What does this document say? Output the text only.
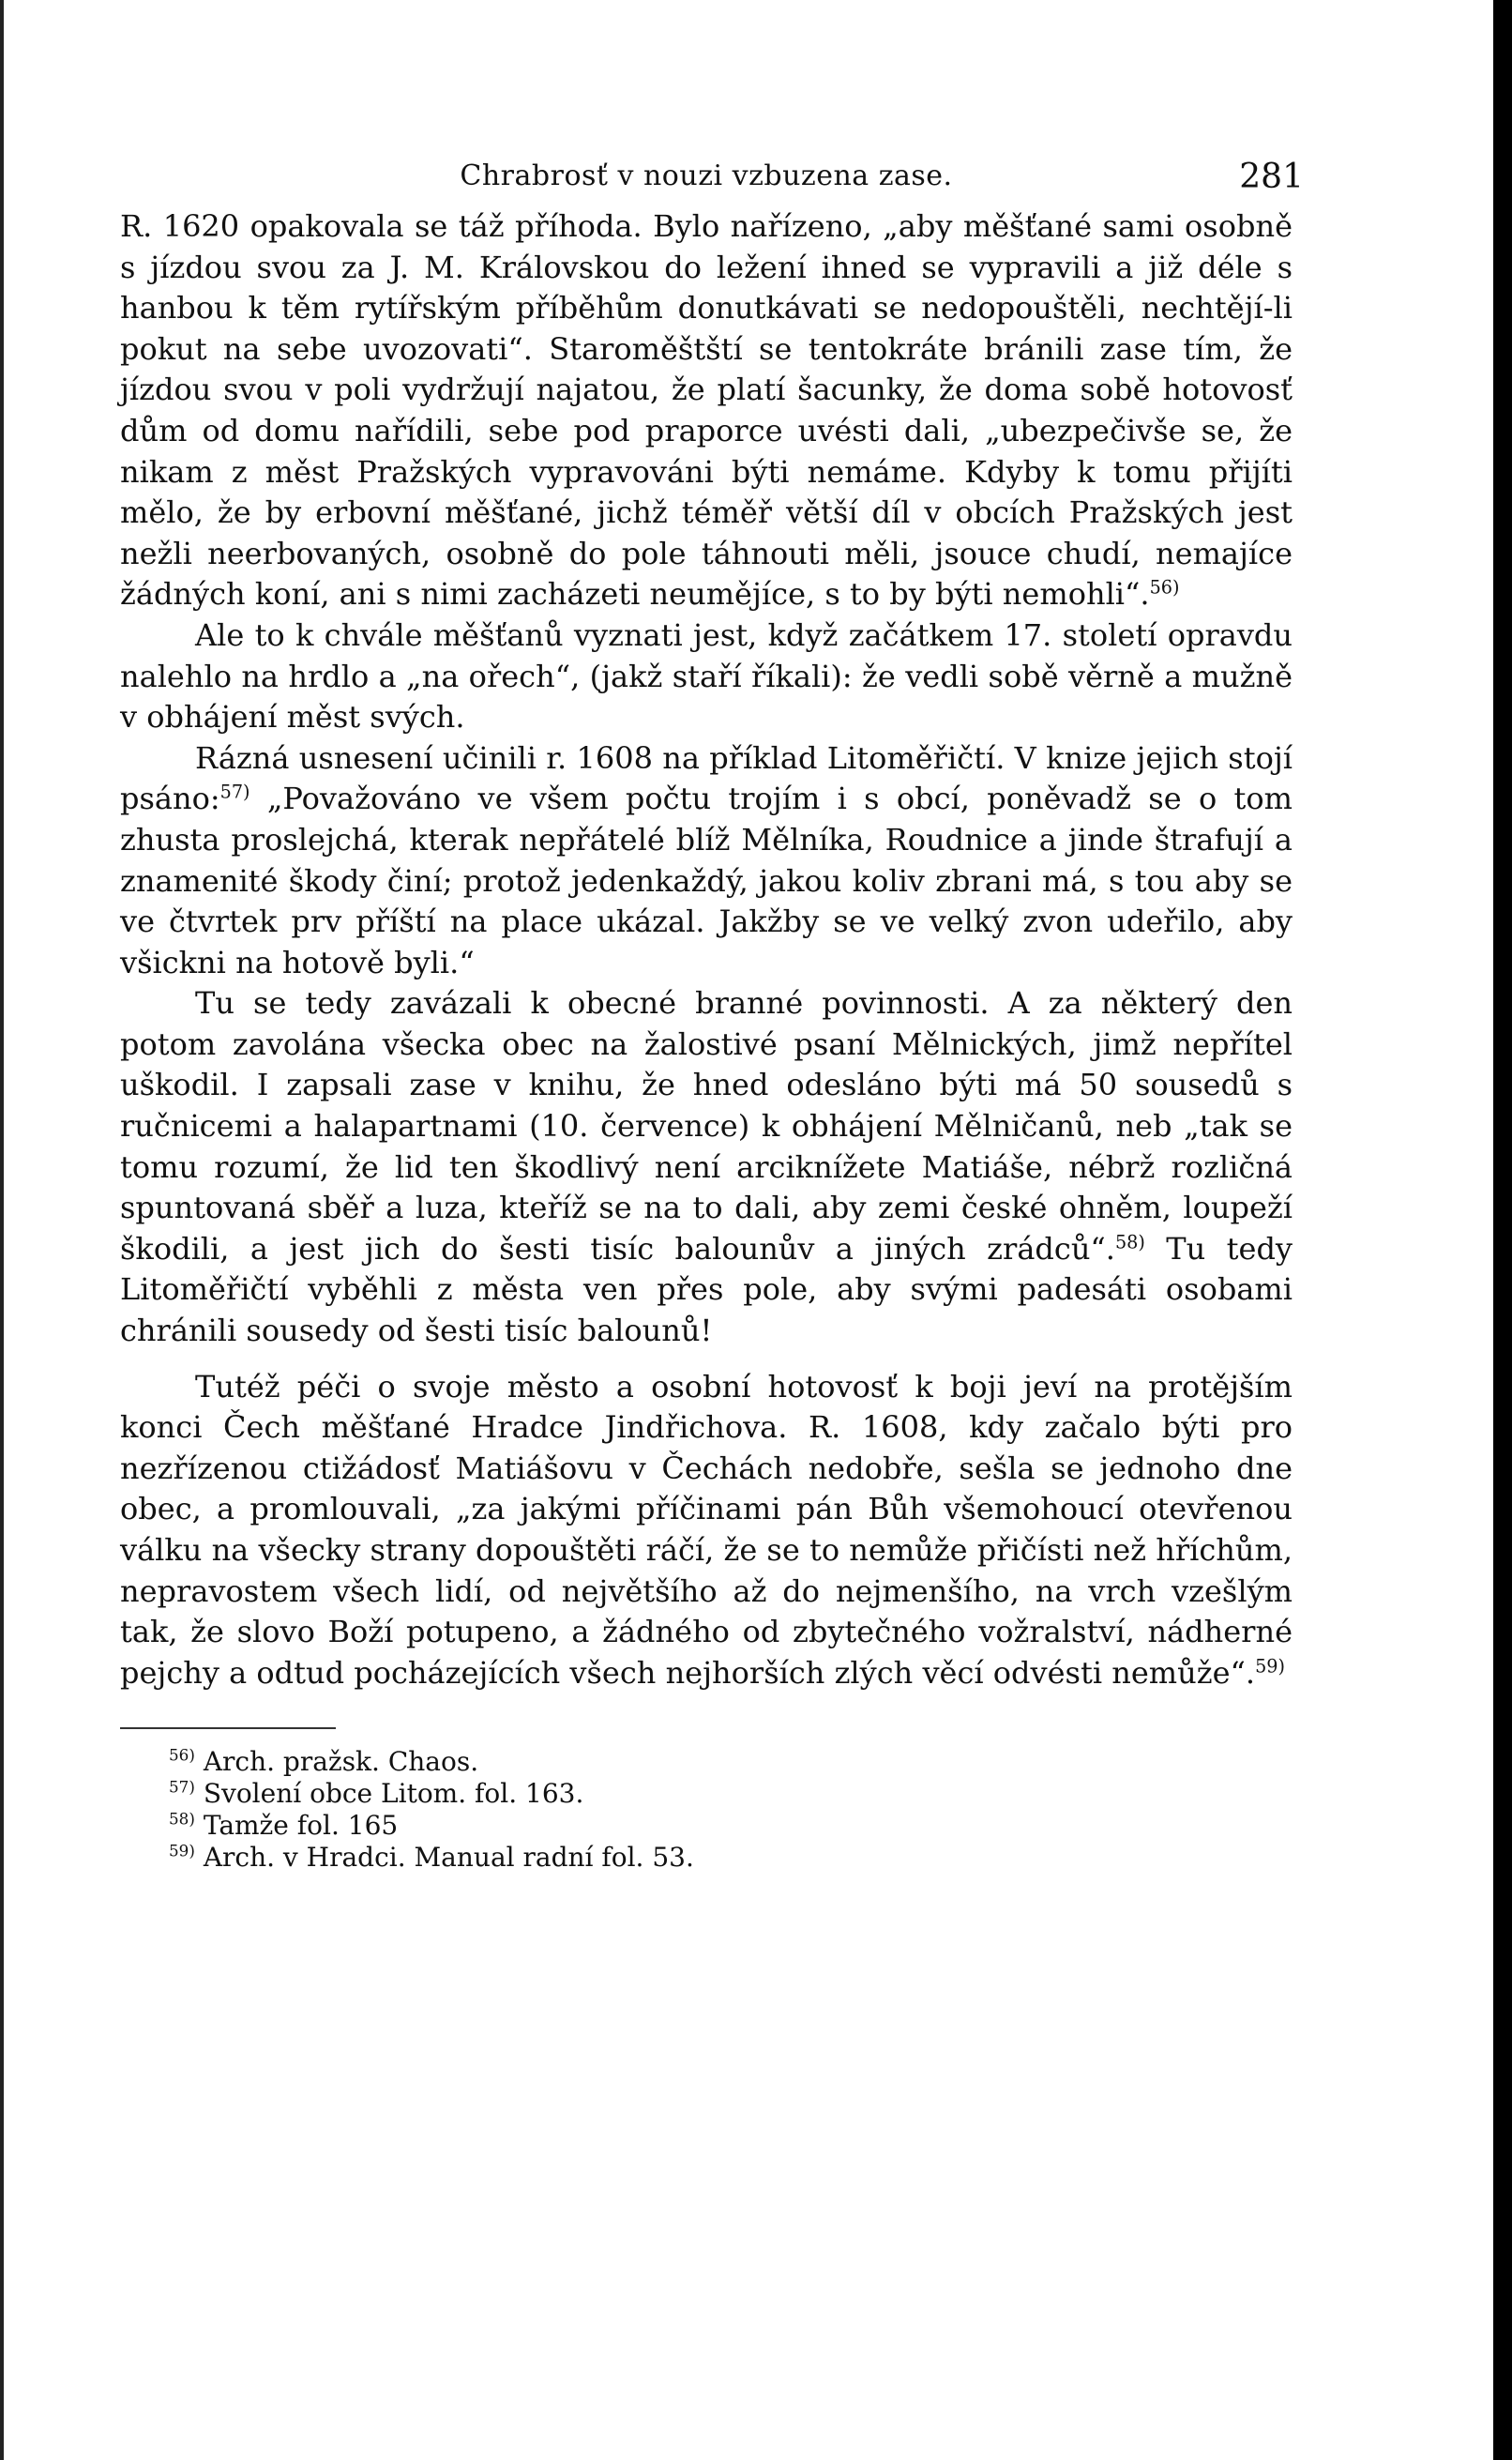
Chrabrosť v nouzi vzbuzena zase.	281

R. 1620 opakovala se táž příhoda. Bylo nařízeno, „aby měšťané sami osobně s jízdou svou za J. M. Královskou do ležení ihned se vypravili a již déle s hanbou k těm rytířským příběhům donutkávati se nedopouštěli, nechtějí-li pokut na sebe uvozovati“. Staroměštští se tentokráte bránili zase tím, že jízdou svou v poli vydržují najatou, že platí šacunky, že doma sobě hotovosť dům od domu nařídili, sebe pod praporce uvésti dali, „ubezpečivše se, že nikam z měst Pražských vypravováni býti nemáme. Kdyby k tomu přijíti mělo, že by erbovní měšťané, jichž téměř větší díl v obcích Pražských jest nežli neerbovaných, osobně do pole táhnouti měli, jsouce chudí, nemajíce žádných koní, ani s nimi zacházeti neumějíce, s to by býti nemohli“.$^{56)}$

Ale to k chvále měšťanů vyznati jest, když začátkem 17. století opravdu nalehlo na hrdlo a „na ořech“, (jakž staří říkali): že vedli sobě věrně a mužně v obhájení měst svých.

Rázná usnesení učinili r. 1608 na příklad Litoměřičtí. V knize jejich stojí psáno:$^{57)}$ „Považováno ve všem počtu trojím i s obcí, poněvadž se o tom zhusta proslejchá, kterak nepřátelé blíž Mělníka, Roudnice a jinde štrafují a znamenité škody činí; protož jedenkaždý, jakou koliv zbrani má, s tou aby se ve čtvrtek prv příští na place ukázal. Jakžby se ve velký zvon udeřilo, aby všickni na hotově byli.“

Tu se tedy zavázali k obecné branné povinnosti. A za některý den potom zavolána všecka obec na žalostivé psaní Mělnických, jimž nepřítel uškodil. I zapsali zase v knihu, že hned odesláno býti má 50 sousedů s ručnicemi a halapartnami (10. července) k obhájení Mělničanů, neb „tak se tomu rozumí, že lid ten škodlivý není arciknížete Matiáše, nébrž rozličná spuntovaná sběř a luza, kteříž se na to dali, aby zemi české ohněm, loupeží škodili, a jest jich do šesti tisíc balounův a jiných zrádců“.$^{58)}$ Tu tedy Litoměřičtí vyběhli z města ven přes pole, aby svými padesáti osobami chránili sousedy od šesti tisíc balounů!

Tutéž péči o svoje město a osobní hotovosť k boji jeví na protějším konci Čech měšťané Hradce Jindřichova. R. 1608, kdy začalo býti pro nezřízenou ctižádosť Matiášovu v Čechách nedobře, sešla se jednoho dne obec, a promlouvali, „za jakými příčinami pán Bůh všemohoucí otevřenou válku na všecky strany dopouštěti ráčí, že se to nemůže přičísti než hříchům, nepravostem všech lidí, od největšího až do nejmenšího, na vrch vzešlým tak, že slovo Boží potupeno, a žádného od zbytečného vožralství, nádherné pejchy a odtud pocházejících všech nejhorších zlých věcí odvésti nemůže“.$^{59)}$

$^{56)}$ Arch. pražsk. Chaos.
$^{57)}$ Svolení obce Litom. fol. 163.
$^{58)}$ Tamže fol. 165
$^{59)}$ Arch. v Hradci. Manual radní fol. 53.
